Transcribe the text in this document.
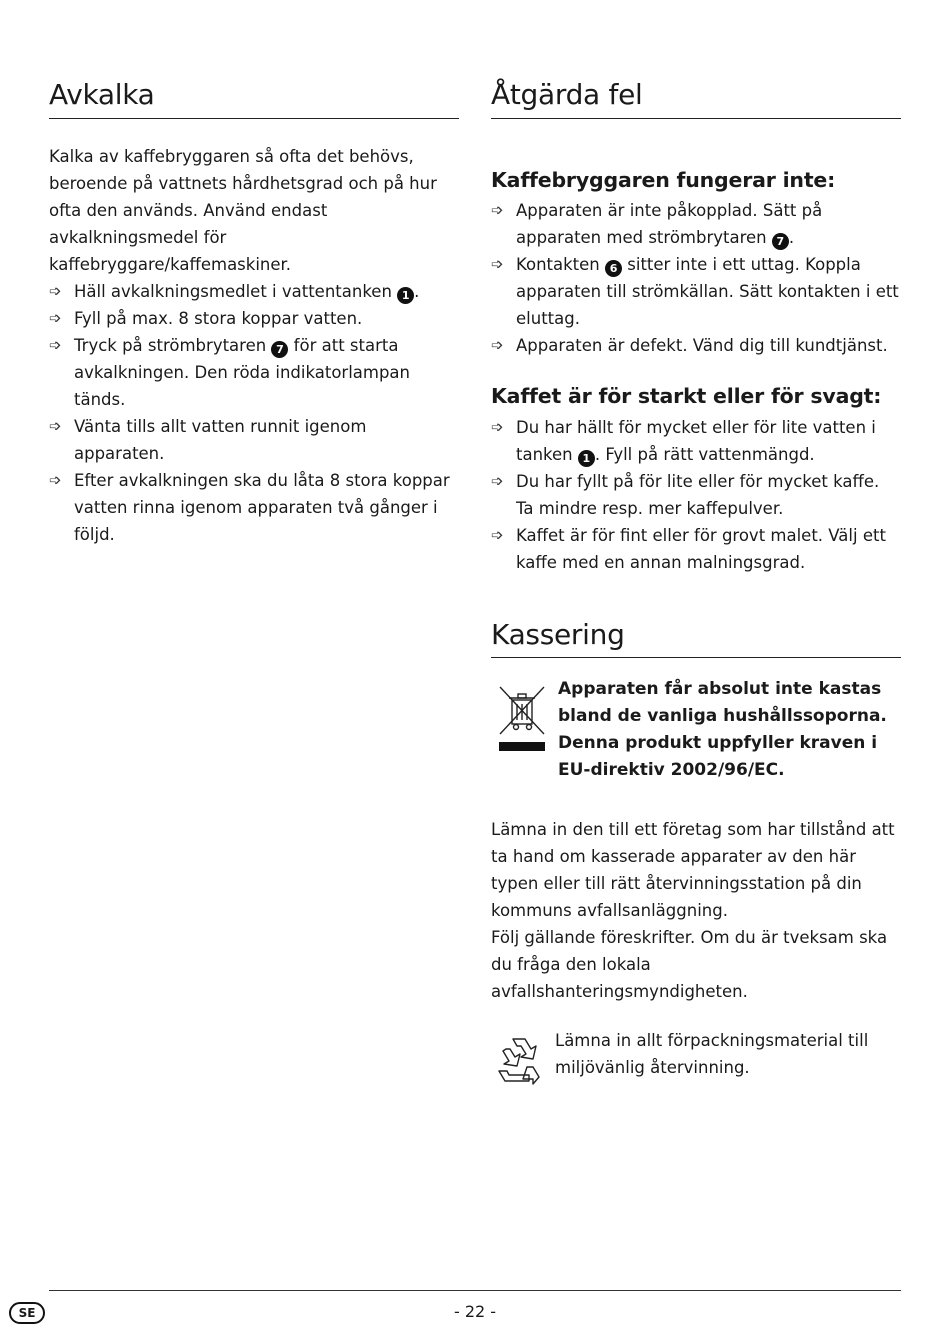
Avkalka

Kalka av kaffebryggaren så ofta det behövs, beroende på vattnets hårdhetsgrad och på hur ofta den används. Använd endast avkalkningsmedel för kaffebryggare/kaffemaskiner.

➩ Häll avkalkningsmedlet i vattentanken 1 .
➩ Fyll på max. 8 stora koppar vatten.
➩ Tryck på strömbrytaren 7 för att starta avkalkningen. Den röda indikatorlampan tänds.
➩ Vänta tills allt vatten runnit igenom apparaten.
➩ Efter avkalkningen ska du låta 8 stora koppar vatten rinna igenom apparaten två gånger i följd.
Åtgärda fel
Kaffebryggaren fungerar inte:
➩ Apparaten är inte påkopplad. Sätt på apparaten med strömbrytaren 7 .
➩ Kontakten 6 sitter inte i ett uttag. Koppla apparaten till strömkällan. Sätt kontakten i ett eluttag.
➩ Apparaten är defekt. Vänd dig till kundtjänst.
Kaffet är för starkt eller för svagt:
➩ Du har hällt för mycket eller för lite vatten i tanken 1 . Fyll på rätt vattenmängd.
➩ Du har fyllt på för lite eller för mycket kaffe. Ta mindre resp. mer kaffepulver.
➩ Kaffet är för fint eller för grovt malet. Välj ett kaffe med en annan malningsgrad.
Kassering
Apparaten får absolut inte kastas bland de vanliga hushållssoporna. Denna produkt uppfyller kraven i EU-direktiv 2002/96/EC.

Lämna in den till ett företag som har tillstånd att ta hand om kasserade apparater av den här typen eller till rätt återvinningsstation på din kommuns avfallsanläggning.

Följ gällande föreskrifter. Om du är tveksam ska du fråga den lokala avfallshanteringsmyndigheten.

Lämna in allt förpackningsmaterial till miljövänlig återvinning.

SE	- 22 -
